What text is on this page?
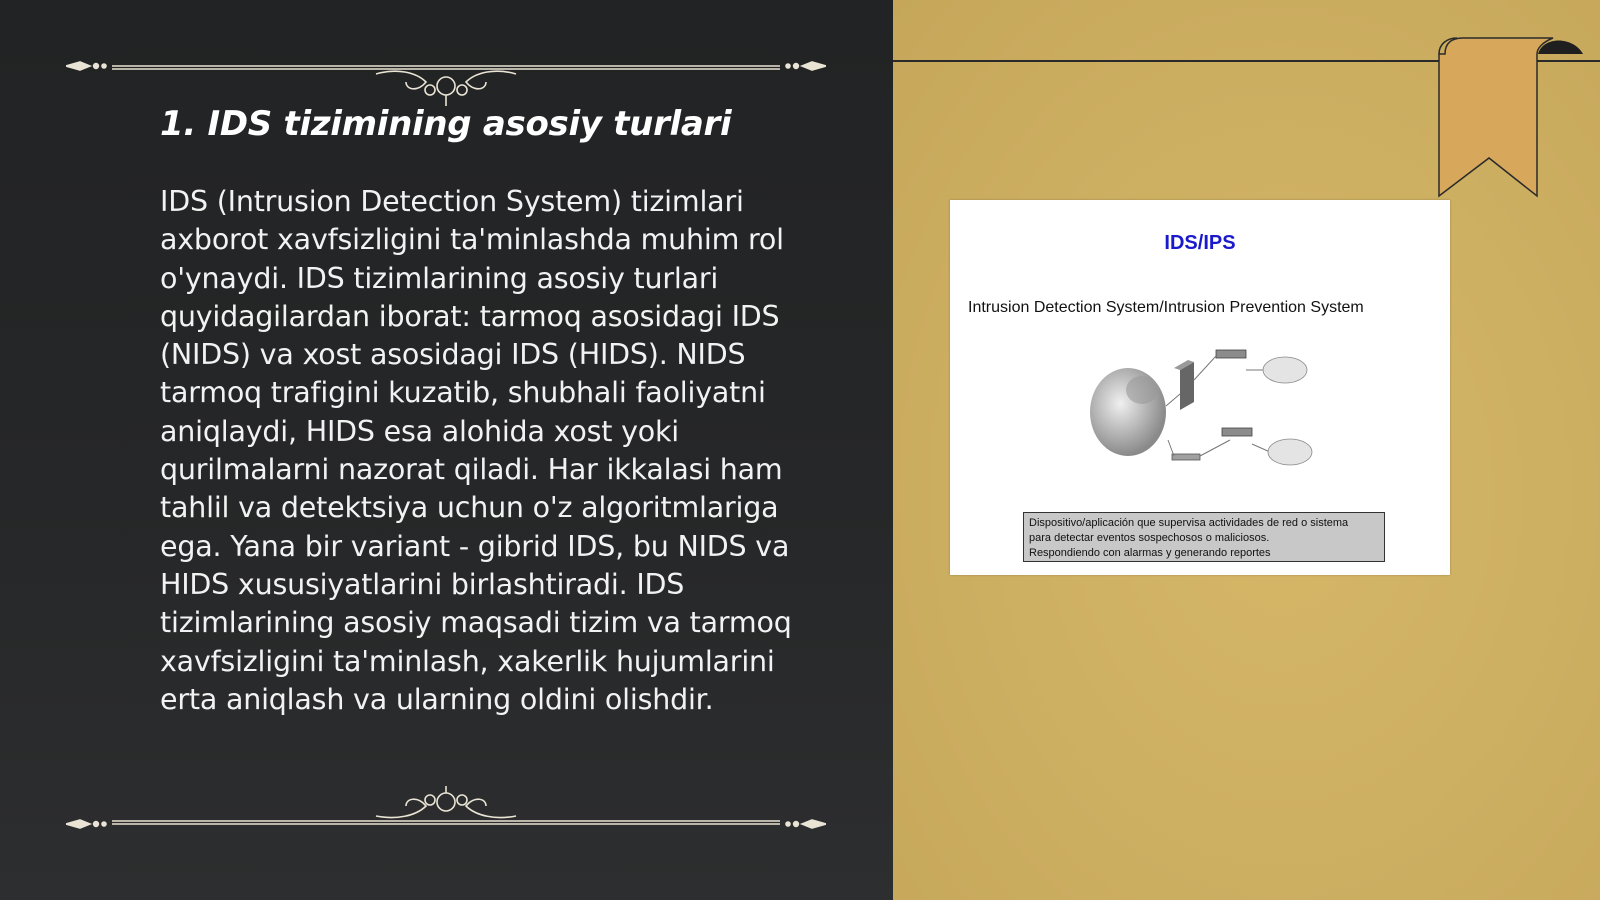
1. IDS tizimining asosiy turlari

IDS (Intrusion Detection System) tizimlari axborot xavfsizligini ta'minlashda muhim rol o'ynaydi. IDS tizimlarining asosiy turlari quyidagilardan iborat: tarmoq asosidagi IDS (NIDS) va xost asosidagi IDS (HIDS). NIDS tarmoq trafigini kuzatib, shubhali faoliyatni aniqlaydi, HIDS esa alohida xost yoki qurilmalarni nazorat qiladi. Har ikkalasi ham tahlil va detektsiya uchun o'z algoritmlariga ega. Yana bir variant - gibrid IDS, bu NIDS va HIDS xususiyatlarini birlashtiradi. IDS tizimlarining asosiy maqsadi tizim va tarmoq xavfsizligini ta'minlash, xakerlik hujumlarini erta aniqlash va ularning oldini olishdir.

IDS/IPS
Intrusion Detection System/Intrusion Prevention System
Dispositivo/aplicación que supervisa actividades de red o sistema
para detectar eventos sospechosos o maliciosos.
Respondiendo con alarmas y generando reportes
